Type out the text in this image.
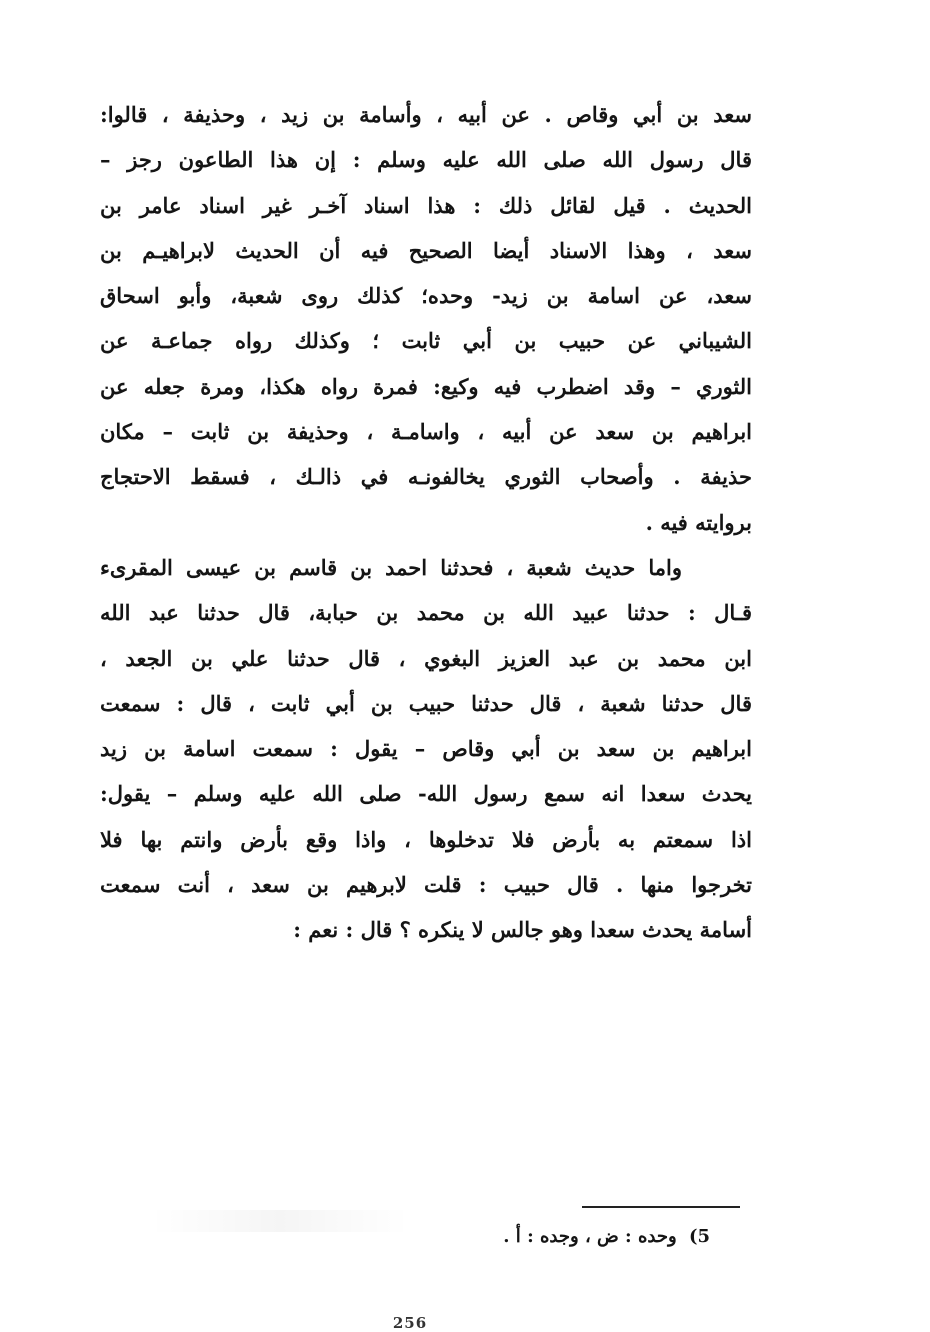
سعد بن أبي وقاص . عن أبيه ، وأسامة بن زيد ، وحذيفة ، قالوا:
قال رسول الله صلى الله عليه وسلم : إن هذا الطاعون رجز –
الحديث . قيل لقائل ذلك : هذا اسناد آخـر غير اسناد عامر بن
سعد ، وهذا الاسناد أيضا الصحيح فيه أن الحديث لابراهيـم بن
سعد، عن اسامة بن زيد- وحده؛ كذلك روى شعبة، وأبو اسحاق
الشيباني عن حبيب بن أبي ثابت ؛ وكذلك رواه جماعـة عن
الثوري – وقد اضطرب فيه وكيع: فمرة رواه هكذا، ومرة جعله عن
ابراهيم بن سعد عن أبيه ، واسامـة ، وحذيفة بن ثابت – مكان
حذيفة . وأصحاب الثوري يخالفونـه في ذالـك ، فسقط الاحتجاج
بروايته فيه .
واما حديث شعبة ، فحدثنا احمد بن قاسم بن عيسى المقرىء
قـال : حدثنا عبيد الله بن محمد بن حبابة، قال حدثنا عبد الله
ابن محمد بن عبد العزيز البغوي ، قال حدثنا علي بن الجعد ،
قال حدثنا شعبة ، قال حدثنا حبيب بن أبي ثابت ، قال : سمعت
ابراهيم بن سعد بن أبي وقاص – يقول : سمعت اسامة بن زيد
يحدث سعدا انه سمع رسول الله- صلى الله عليه وسلم – يقول:
اذا سمعتم به بأرض فلا تدخلوها ، واذا وقع بأرض وانتم بها فلا
تخرجوا منها . قال حبيب : قلت لابرهيم بن سعد ، أنت سمعت
أسامة يحدث سعدا وهو جالس لا ينكره ؟ قال : نعم :
5) وحده : ض ، وجده : أ .
256
